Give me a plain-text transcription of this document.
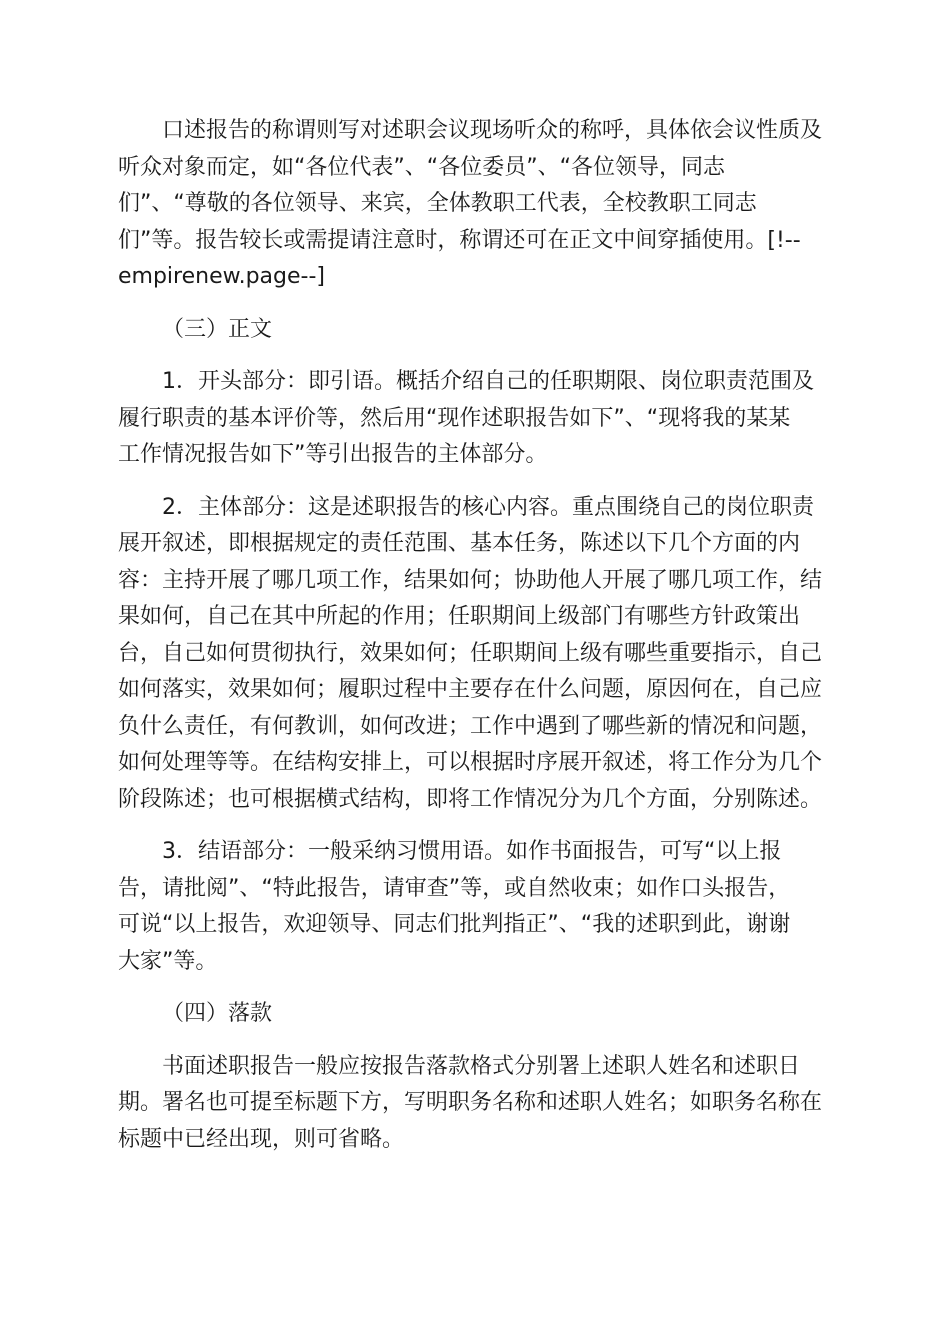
口述报告的称谓则写对述职会议现场听众的称呼，具体依会议性质及
听众对象而定，如“各位代表”、“各位委员”、“各位领导，同志
们”、“尊敬的各位领导、来宾，全体教职工代表，全校教职工同志
们”等。报告较长或需提请注意时，称谓还可在正文中间穿插使用。[!--
empirenew.page--]
（三）正文
1．开头部分：即引语。概括介绍自己的任职期限、岗位职责范围及
履行职责的基本评价等，然后用“现作述职报告如下”、“现将我的某某
工作情况报告如下”等引出报告的主体部分。
2．主体部分：这是述职报告的核心内容。重点围绕自己的岗位职责
展开叙述，即根据规定的责任范围、基本任务，陈述以下几个方面的内
容：主持开展了哪几项工作，结果如何；协助他人开展了哪几项工作，结
果如何，自己在其中所起的作用；任职期间上级部门有哪些方针政策出
台，自己如何贯彻执行，效果如何；任职期间上级有哪些重要指示，自己
如何落实，效果如何；履职过程中主要存在什么问题，原因何在，自己应
负什么责任，有何教训，如何改进；工作中遇到了哪些新的情况和问题，
如何处理等等。在结构安排上，可以根据时序展开叙述，将工作分为几个
阶段陈述；也可根据横式结构，即将工作情况分为几个方面，分别陈述。
3．结语部分：一般采纳习惯用语。如作书面报告，可写“以上报
告，请批阅”、“特此报告，请审查”等，或自然收束；如作口头报告，
可说“以上报告，欢迎领导、同志们批判指正”、“我的述职到此，谢谢
大家”等。
（四）落款
书面述职报告一般应按报告落款格式分别署上述职人姓名和述职日
期。署名也可提至标题下方，写明职务名称和述职人姓名；如职务名称在
标题中已经出现，则可省略。
